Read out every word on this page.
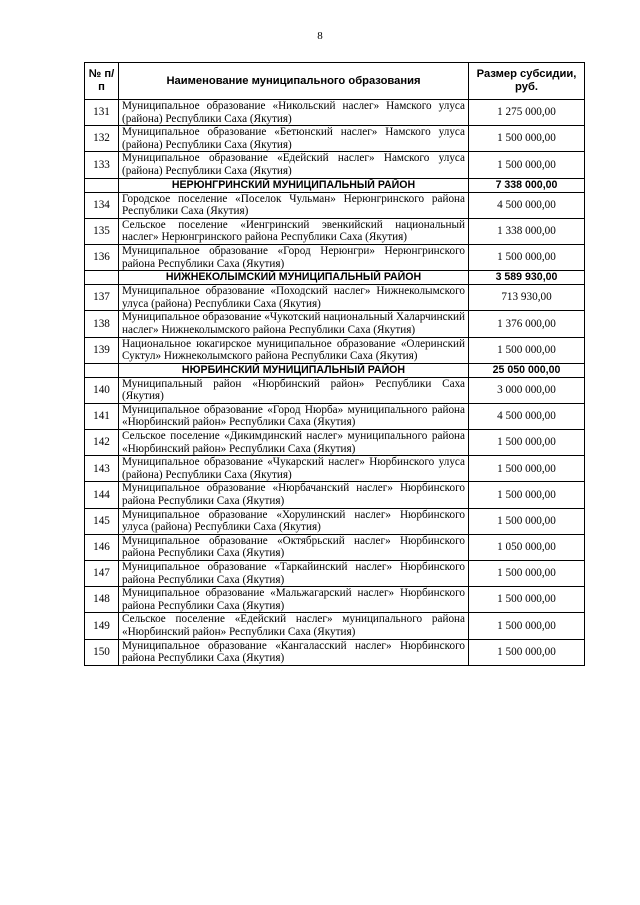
8
№ п/п	Наименование муниципального образования	Размер субсидии, руб.
131	Муниципальное образование «Никольский наслег» Намского улуса (района) Республики Саха (Якутия)	1 275 000,00
132	Муниципальное образование «Бетюнский наслег» Намского улуса (района) Республики Саха (Якутия)	1 500 000,00
133	Муниципальное образование «Едейский наслег» Намского улуса (района) Республики Саха (Якутия)	1 500 000,00
	НЕРЮНГРИНСКИЙ МУНИЦИПАЛЬНЫЙ РАЙОН	7 338 000,00
134	Городское поселение «Поселок Чульман» Нерюнгринского района Республики Саха (Якутия)	4 500 000,00
135	Сельское поселение «Иенгринский эвенкийский национальный наслег» Нерюнгринского района Республики Саха (Якутия)	1 338 000,00
136	Муниципальное образование «Город Нерюнгри» Нерюнгринского района Республики Саха (Якутия)	1 500 000,00
	НИЖНЕКОЛЫМСКИЙ МУНИЦИПАЛЬНЫЙ РАЙОН	3 589 930,00
137	Муниципальное образование «Походский наслег» Нижнеколымского улуса (района) Республики Саха (Якутия)	713 930,00
138	Муниципальное образование «Чукотский национальный Халарчинский наслег» Нижнеколымского района Республики Саха (Якутия)	1 376 000,00
139	Национальное юкагирское муниципальное образование «Олеринский Суктул» Нижнеколымского района Республики Саха (Якутия)	1 500 000,00
	НЮРБИНСКИЙ МУНИЦИПАЛЬНЫЙ РАЙОН	25 050 000,00
140	Муниципальный район «Нюрбинский район» Республики Саха (Якутия)	3 000 000,00
141	Муниципальное образование «Город Нюрба» муниципального района «Нюрбинский район» Республики Саха (Якутия)	4 500 000,00
142	Сельское поселение «Дикимдинский наслег» муниципального района «Нюрбинский район» Республики Саха (Якутия)	1 500 000,00
143	Муниципальное образование «Чукарский наслег» Нюрбинского улуса (района) Республики Саха (Якутия)	1 500 000,00
144	Муниципальное образование «Нюрбачанский наслег» Нюрбинского района Республики Саха (Якутия)	1 500 000,00
145	Муниципальное образование «Хорулинский наслег» Нюрбинского улуса (района) Республики Саха (Якутия)	1 500 000,00
146	Муниципальное образование «Октябрьский наслег» Нюрбинского района Республики Саха (Якутия)	1 050 000,00
147	Муниципальное образование «Таркайинский наслег» Нюрбинского района Республики Саха (Якутия)	1 500 000,00
148	Муниципальное образование «Мальжагарский наслег» Нюрбинского района Республики Саха (Якутия)	1 500 000,00
149	Сельское поселение «Едейский наслег» муниципального района «Нюрбинский район» Республики Саха (Якутия)	1 500 000,00
150	Муниципальное образование «Кангаласский наслег» Нюрбинского района Республики Саха (Якутия)	1 500 000,00
